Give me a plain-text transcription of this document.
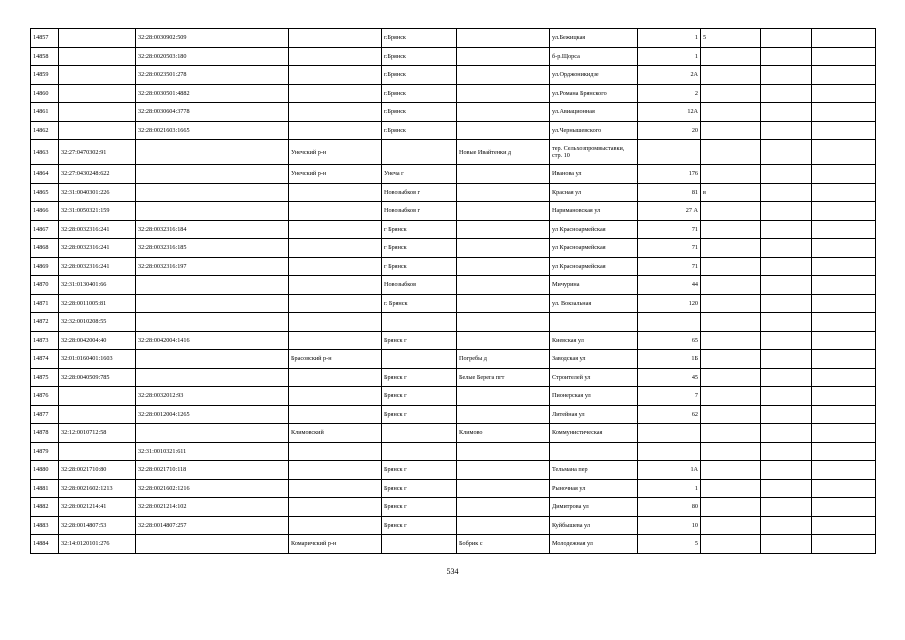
14857		32:28:0030902:509		г.Брянск		ул.Бежицкая	1	5		
14858		32:28:0020503:180		г.Брянск		б-р.Щорса	1			
14859		32:28:0023501:278		г.Брянск		ул.Орджоникидзе	2А			
14860		32:28:0030501:4882		г.Брянск		ул.Романа Брянского	2			
14861		32:28:0030604:3778		г.Брянск		ул.Авиационная	12А			
14862		32:28:0021603:1665		г.Брянск		ул.Чернышевского	20			
14863	32:27:0470302:91		Унечский р-н		Новые Ивайтенки д	тер. Сельхозпромвыставки, стр. 10				
14864	32:27:0430248:622		Унечский р-н	Унеча г		Иванова ул	176			
14865	32:31:0040301:226			Новозыбков г		Красная ул	81	в		
14866	32:31:0050321:159			Новозыбков г		Наримановская ул	27 А			
14867	32:28:0032316:241	32:28:0032316:184		г Брянск		ул Красноармейская	71			
14868	32:28:0032316:241	32:28:0032316:185		г Брянск		ул Красноармейская	71			
14869	32:28:0032316:241	32:28:0032316:197		г Брянск		ул Красноармейская	71			
14870	32:31:0130401:66			Новозыбков		Мичурина	44			
14871	32:28:0011005:81			г. Брянск		ул. Вокзальная	120			
14872	32:32:0010208:55									
14873	32:28:0042004:40	32:28:0042004:1416		Брянск г		Киевская ул	65			
14874	32:01:0160401:1603		Брасовский р-н		Погребы д	Заводская ул	1Б			
14875	32:28:0040509:785			Брянск г	Белые Берега пгт	Строителей ул	45			
14876		32:28:0032012:93		Брянск г		Пионерская ул	7			
14877		32:28:0012004:1265		Брянск г		Литейная ул	62			
14878	32:12:0010712:58		Климовский		Климово	Коммунистическая				
14879		32:31:0010321:611								
14880	32:28:0021710:80	32:28:0021710:118		Брянск г		Тельмана пер	1А			
14881	32:28:0021602:1213	32:28:0021602:1216		Брянск г		Рыночная ул	1			
14882	32:28:0021214:41	32:28:0021214:102		Брянск г		Димитрова ул	80			
14883	32:28:0014807:53	32:28:0014807:257		Брянск г		Куйбышева ул	10			
14884	32:14:0120101:276		Комаричский р-н		Бобрик с	Молодежная ул	5			
534
